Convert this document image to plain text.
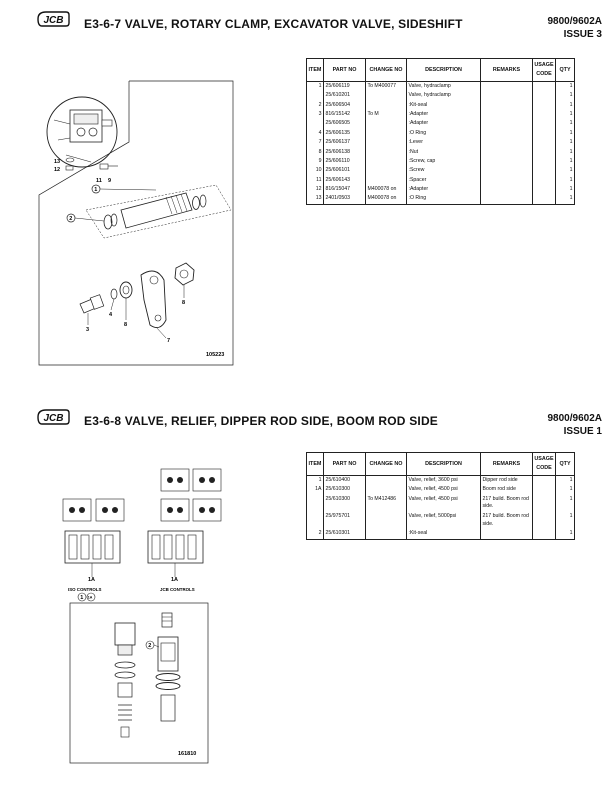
JCB E3-6-7 VALVE, ROTARY CLAMP, EXCAVATOR VALVE, SIDESHIFT	9800/9602A
ISSUE 3
13
12
11 9
1
2
3
4
8
7
8
105223
ITEM	PART NO	CHANGE NO	DESCRIPTION	REMARKS	USAGE CODE	QTY
1	25/606119	To M400077	Valve, hydraclamp			1
	25/610201		Valve, hydraclamp			1
2	25/606504		:Kit-seal			1
3	816/15142	To M	:Adapter			1
	25/606505		:Adapter			1
4	25/606135		:O Ring			1
7	25/606137		:Lever			1
8	25/606138		:Nut			1
9	25/606110		:Screw, cap			1
10	25/606101		:Screw			1
11	25/606143		:Spacer			1
12	816/15047	M400078 on	:Adapter			1
13	2401/0503	M400078 on	:O Ring			1
JCB E3-6-8 VALVE, RELIEF, DIPPER ROD SIDE, BOOM ROD SIDE	9800/9602A
ISSUE 1
1A
ISO CONTROLS
1A
JCB CONTROLS
1 1A
2
161810
ITEM	PART NO	CHANGE NO	DESCRIPTION	REMARKS	USAGE CODE	QTY
1	25/610400		Valve, relief, 3600 psi	Dipper rod side		1
1A	25/610300		Valve, relief, 4500 psi	Boom rod side		1
	25/610300	To M412486	Valve, relief, 4500 psi	217 build. Boom rod side.		1
	25/975701		Valve, relief, 5000psi	217 build. Boom rod side.		1
2	25/610301		:Kit-seal			1
